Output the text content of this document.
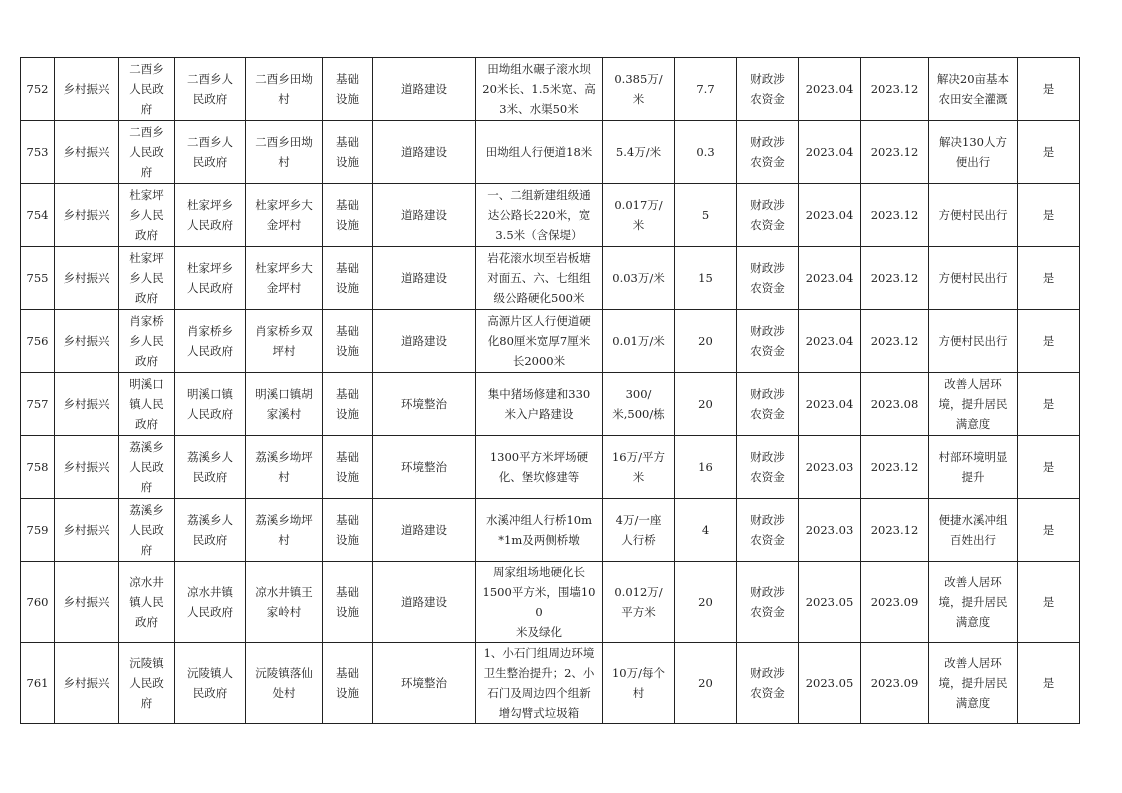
752	乡村振兴	二酉乡
人民政
府	二酉乡人
民政府	二酉乡田坳
村	基础
设施	道路建设	田坳组水碾子滚水坝
20米长、1.5米宽、高
3米、水渠50米	0.385万/
米	7.7	财政涉
农资金	2023.04	2023.12	解决20亩基本
农田安全灌溉	是
753	乡村振兴	二酉乡
人民政
府	二酉乡人
民政府	二酉乡田坳
村	基础
设施	道路建设	田坳组人行便道18米	5.4万/米	0.3	财政涉
农资金	2023.04	2023.12	解决130人方
便出行	是
754	乡村振兴	杜家坪
乡人民
政府	杜家坪乡
人民政府	杜家坪乡大
金坪村	基础
设施	道路建设	一、二组新建组级通
达公路长220米，宽
3.5米（含保堤）	0.017万/
米	5	财政涉
农资金	2023.04	2023.12	方便村民出行	是
755	乡村振兴	杜家坪
乡人民
政府	杜家坪乡
人民政府	杜家坪乡大
金坪村	基础
设施	道路建设	岩花滚水坝至岩板塘
对面五、六、七组组
级公路硬化500米	0.03万/米	15	财政涉
农资金	2023.04	2023.12	方便村民出行	是
756	乡村振兴	肖家桥
乡人民
政府	肖家桥乡
人民政府	肖家桥乡双
坪村	基础
设施	道路建设	高源片区人行便道硬
化80厘米宽厚7厘米
长2000米	0.01万/米	20	财政涉
农资金	2023.04	2023.12	方便村民出行	是
757	乡村振兴	明溪口
镇人民
政府	明溪口镇
人民政府	明溪口镇胡
家溪村	基础
设施	环境整治	集中猪场修建和330
米入户路建设	300/
米,500/栋	20	财政涉
农资金	2023.04	2023.08	改善人居环
境，提升居民
满意度	是
758	乡村振兴	荔溪乡
人民政
府	荔溪乡人
民政府	荔溪乡坳坪
村	基础
设施	环境整治	1300平方米坪场硬
化、堡坎修建等	16万/平方
米	16	财政涉
农资金	2023.03	2023.12	村部环境明显
提升	是
759	乡村振兴	荔溪乡
人民政
府	荔溪乡人
民政府	荔溪乡坳坪
村	基础
设施	道路建设	水溪冲组人行桥10m
*1m及两侧桥墩	4万/一座
人行桥	4	财政涉
农资金	2023.03	2023.12	便捷水溪冲组
百姓出行	是
760	乡村振兴	凉水井
镇人民
政府	凉水井镇
人民政府	凉水井镇王
家岭村	基础
设施	道路建设	周家组场地硬化长
1500平方米，围墙100
米及绿化	0.012万/
平方米	20	财政涉
农资金	2023.05	2023.09	改善人居环
境，提升居民
满意度	是
761	乡村振兴	沅陵镇
人民政
府	沅陵镇人
民政府	沅陵镇落仙
处村	基础
设施	环境整治	1、小石门组周边环境
卫生整治提升；2、小
石门及周边四个组新
增勾臂式垃圾箱	10万/每个
村	20	财政涉
农资金	2023.05	2023.09	改善人居环
境，提升居民
满意度	是
